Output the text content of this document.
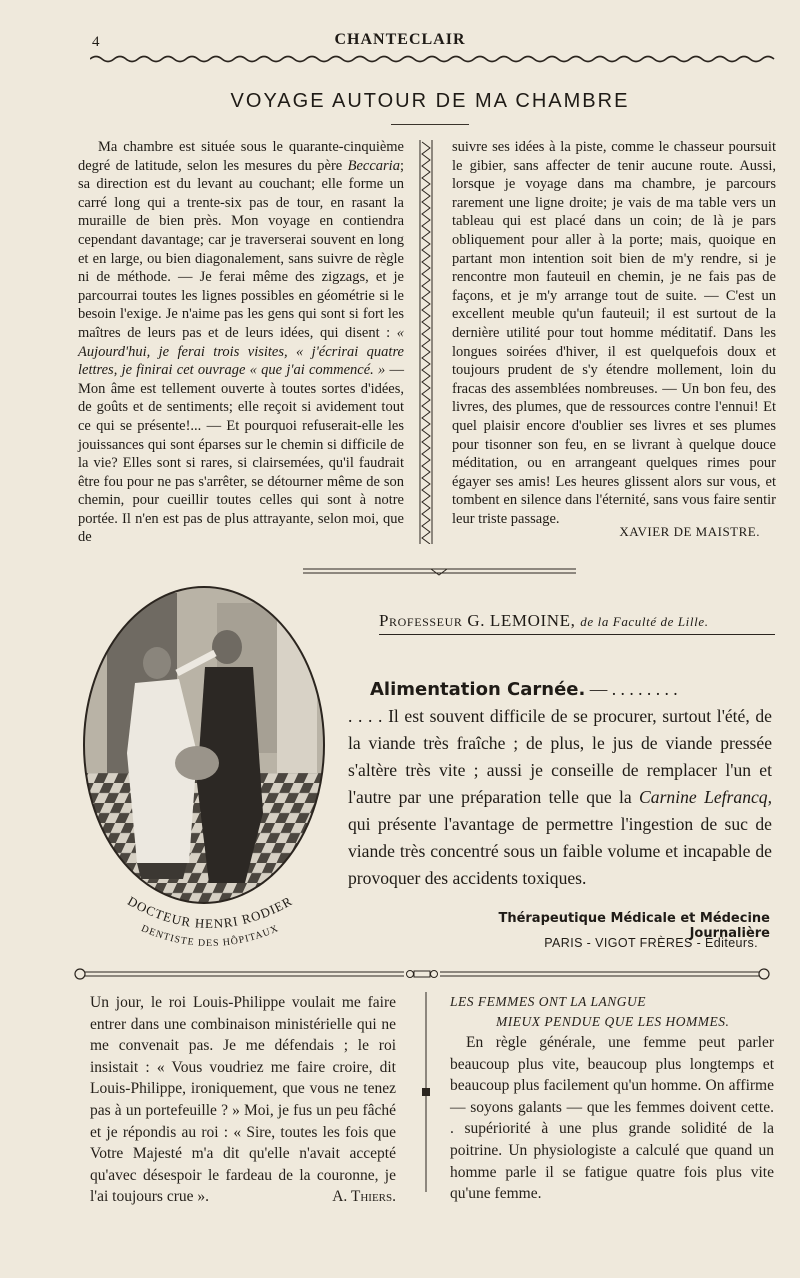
4	CHANTECLAIR
VOYAGE AUTOUR DE MA CHAMBRE

Ma chambre est située sous le quarante-cinquième degré de latitude, selon les mesures du père Beccaria; sa direction est du levant au couchant; elle forme un carré long qui a trente-six pas de tour, en rasant la muraille de bien près. Mon voyage en contiendra cependant davantage; car je traverserai souvent en long et en large, ou bien diagonalement, sans suivre de règle ni de méthode. — Je ferai même des zigzags, et je parcourrai toutes les lignes possibles en géométrie si le besoin l'exige. Je n'aime pas les gens qui sont si fort les maîtres de leurs pas et de leurs idées, qui disent : « Aujourd'hui, je ferai trois visites, « j'écrirai quatre lettres, je finirai cet ouvrage « que j'ai commencé. » — Mon âme est tellement ouverte à toutes sortes d'idées, de goûts et de sentiments; elle reçoit si avidement tout ce qui se présente!... — Et pourquoi refuserait-elle les jouissances qui sont éparses sur le chemin si difficile de la vie? Elles sont si rares, si clairsemées, qu'il faudrait être fou pour ne pas s'arrêter, se détourner même de son chemin, pour cueillir toutes celles qui sont à notre portée. Il n'en est pas de plus attrayante, selon moi, que de

suivre ses idées à la piste, comme le chasseur poursuit le gibier, sans affecter de tenir aucune route. Aussi, lorsque je voyage dans ma chambre, je parcours rarement une ligne droite; je vais de ma table vers un tableau qui est placé dans un coin; de là je pars obliquement pour aller à la porte; mais, quoique en partant mon intention soit bien de m'y rendre, si je rencontre mon fauteuil en chemin, je ne fais pas de façons, et je m'y arrange tout de suite. — C'est un excellent meuble qu'un fauteuil; il est surtout de la dernière utilité pour tout homme méditatif. Dans les longues soirées d'hiver, il est quelquefois doux et toujours prudent de s'y étendre mollement, loin du fracas des assemblées nombreuses. — Un bon feu, des livres, des plumes, que de ressources contre l'ennui! Et quel plaisir encore d'oublier ses livres et ses plumes pour tisonner son feu, en se livrant à quelque douce méditation, ou en arrangeant quelques rimes pour égayer ses amis! Les heures glissent alors sur vous, et tombent en silence dans l'éternité, sans vous faire sentir leur triste passage.

XAVIER DE MAISTRE.
DOCTEUR HENRI RODIER
DENTISTE DES HÔPITAUX
Professeur G. LEMOINE, de la Faculté de Lille.
Alimentation Carnée. — . . . . . . . .
. . . . Il est souvent difficile de se procurer, surtout l'été, de la viande très fraîche ; de plus, le jus de viande pressée s'altère très vite ; aussi je conseille de remplacer l'un et l'autre par une préparation telle que la Carnine Lefrancq, qui présente l'avantage de permettre l'ingestion de suc de viande très concentré sous un faible volume et incapable de provoquer des accidents toxiques.
Thérapeutique Médicale et Médecine Journalière
PARIS - VIGOT FRÈRES - Editeurs.

Un jour, le roi Louis-Philippe voulait me faire entrer dans une combinaison ministérielle qui ne me convenait pas. Je me défendais ; le roi insistait : « Vous voudriez me faire croire, dit Louis-Philippe, ironiquement, que vous ne tenez pas à un portefeuille ? » Moi, je fus un peu fâché et je répondis au roi : « Sire, toutes les fois que Votre Majesté m'a dit qu'elle n'avait accepté qu'avec désespoir le fardeau de la couronne, je l'ai toujours crue ».	A. Thiers.

LES FEMMES ONT LA LANGUE
MIEUX PENDUE QUE LES HOMMES.

En règle générale, une femme peut parler beaucoup plus vite, beaucoup plus longtemps et beaucoup plus facilement qu'un homme. On affirme — soyons galants — que les femmes doivent cette. . supériorité à une plus grande solidité de la poitrine. Un physiologiste a calculé que quand un homme parle il se fatigue quatre fois plus vite qu'une femme.
